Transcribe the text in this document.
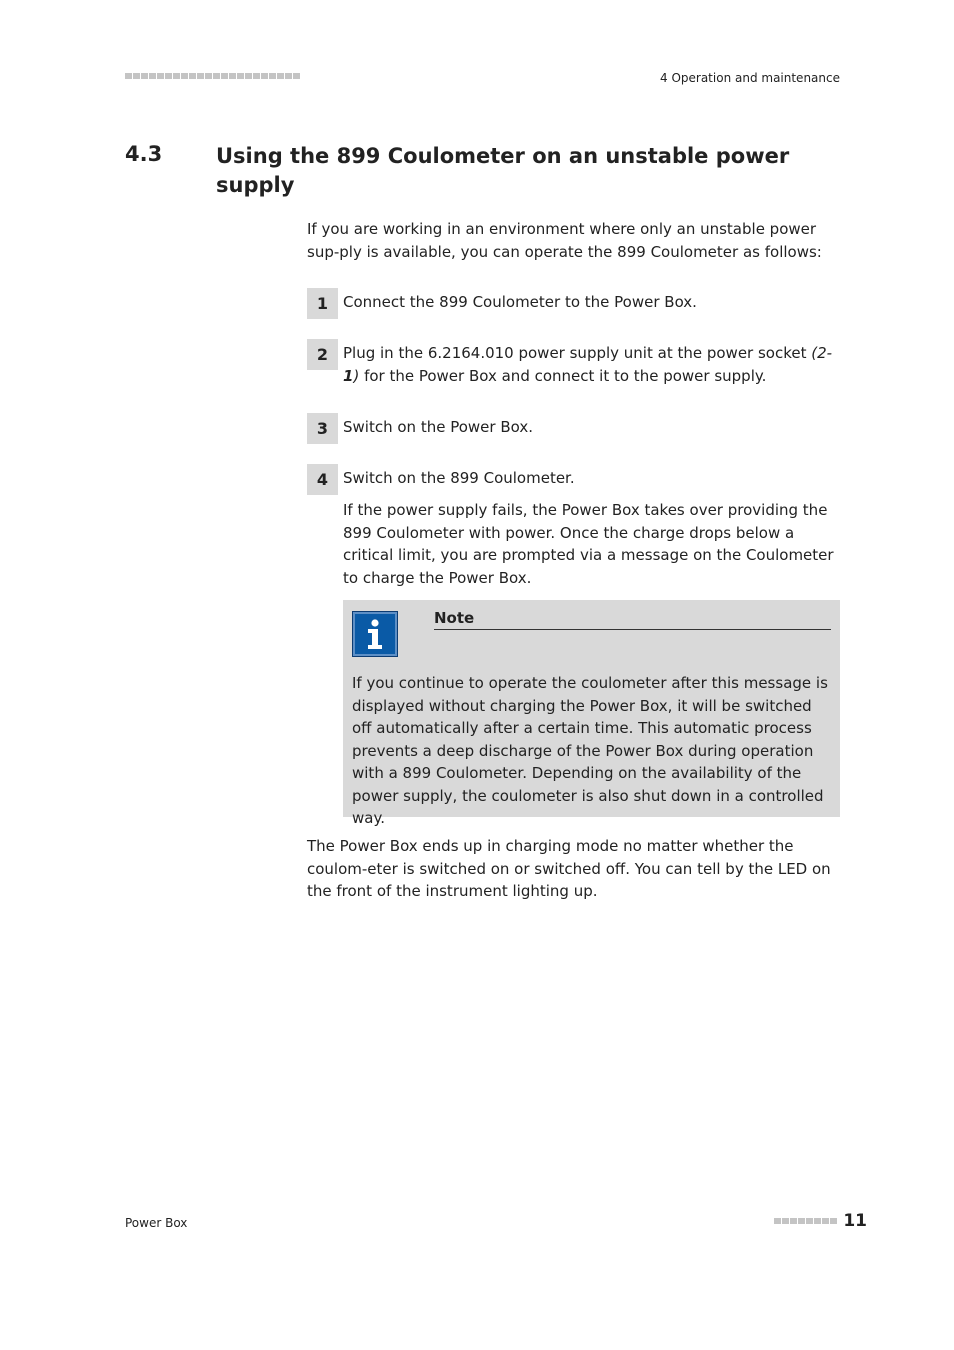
4 Operation and maintenance
4.3	Using the 899 Coulometer on an unstable power supply
If you are working in an environment where only an unstable power sup-ply is available, you can operate the 899 Coulometer as follows:
1 Connect the 899 Coulometer to the Power Box.
2 Plug in the 6.2164.010 power supply unit at the power socket (2-1) for the Power Box and connect it to the power supply.
3 Switch on the Power Box.
4 Switch on the 899 Coulometer.
If the power supply fails, the Power Box takes over providing the 899 Coulometer with power. Once the charge drops below a critical limit, you are prompted via a message on the Coulometer to charge the Power Box.
Note
If you continue to operate the coulometer after this message is displayed without charging the Power Box, it will be switched off automatically after a certain time. This automatic process prevents a deep discharge of the Power Box during operation with a 899 Coulometer. Depending on the availability of the power supply, the coulometer is also shut down in a controlled way.
The Power Box ends up in charging mode no matter whether the coulom-eter is switched on or switched off. You can tell by the LED on the front of the instrument lighting up.
Power Box	11
